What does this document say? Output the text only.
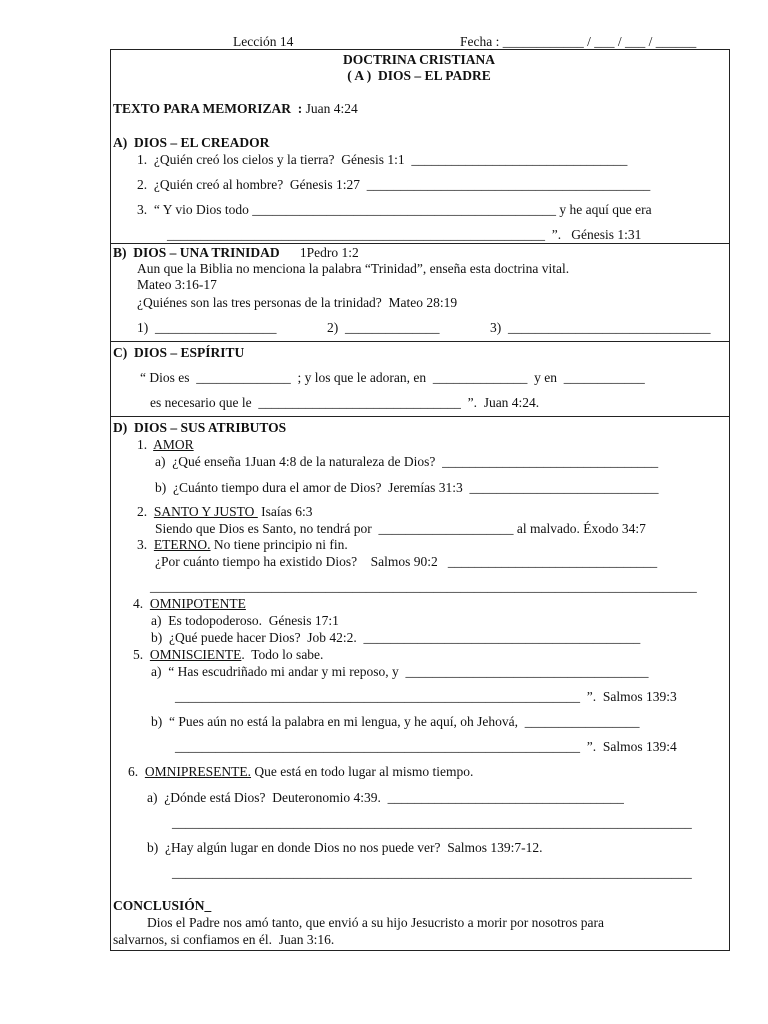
Lección 14	Fecha : ____________ / ___ / ___ / ______
DOCTRINA CRISTIANA
( A )  DIOS – EL PADRE
TEXTO PARA MEMORIZAR  : Juan 4:24
A)  DIOS – EL CREADOR
1.  ¿Quién creó los cielos y la tierra?  Génesis 1:1  ________________________________
2.  ¿Quién creó al hombre?  Génesis 1:27  __________________________________________
3.  “ Y vio Dios todo _____________________________________________ y he aquí que era
________________________________________________________  ”.   Génesis 1:31
B)  DIOS – UNA TRINIDAD 1Pedro 1:2
Aun que la Biblia no menciona la palabra “Trinidad”, enseña esta doctrina vital.
Mateo 3:16-17
¿Quiénes son las tres personas de la trinidad?  Mateo 28:19
1)  __________________	2)  ______________	3)  ______________________________
C)  DIOS – ESPÍRITU
“ Dios es  ______________  ; y los que le adoran, en  ______________  y en  ____________
es necesario que le  ______________________________  ”.  Juan 4:24.
D)  DIOS – SUS ATRIBUTOS
1.  AMOR
a)  ¿Qué enseña 1Juan 4:8 de la naturaleza de Dios?  ________________________________
b)  ¿Cuánto tiempo dura el amor de Dios?  Jeremías 31:3  ____________________________
2.  SANTO Y JUSTO  Isaías 6:3
Siendo que Dios es Santo, no tendrá por  ____________________ al malvado. Éxodo 34:7
3.  ETERNO. No tiene principio ni fin.
¿Por cuánto tiempo ha existido Dios?    Salmos 90:2   _______________________________
_________________________________________________________________________________
4.  OMNIPOTENTE
a)  Es todopoderoso.  Génesis 17:1
b)  ¿Qué puede hacer Dios?  Job 42:2.  _________________________________________
5.  OMNISCIENTE.  Todo lo sabe.
a)  “ Has escudriñado mi andar y mi reposo, y  ____________________________________
____________________________________________________________  ”.  Salmos 139:3
b)  “ Pues aún no está la palabra en mi lengua, y he aquí, oh Jehová,  _________________
____________________________________________________________  ”.  Salmos 139:4
6.  OMNIPRESENTE. Que está en todo lugar al mismo tiempo.
a)  ¿Dónde está Dios?  Deuteronomio 4:39.  ___________________________________
_____________________________________________________________________________
b)  ¿Hay algún lugar en donde Dios no nos puede ver?  Salmos 139:7-12.
_____________________________________________________________________________
CONCLUSIÓN_
Dios el Padre nos amó tanto, que envió a su hijo Jesucristo a morir por nosotros para
salvarnos, si confiamos en él.  Juan 3:16.
